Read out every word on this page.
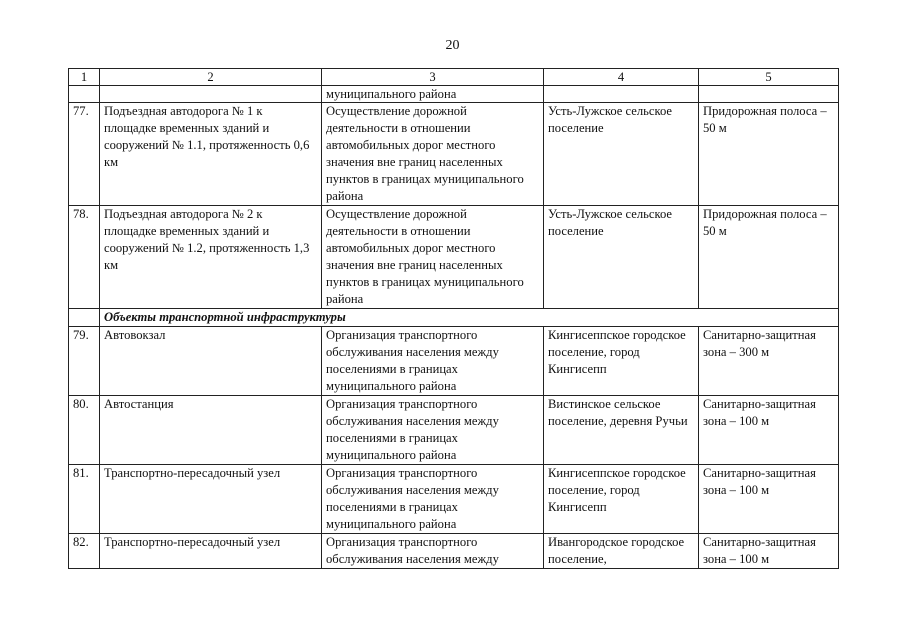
20
1	2	3	4	5
		муниципального района		
77.	Подъездная автодорога № 1 к площадке временных зданий и сооружений № 1.1, протяженность 0,6 км	Осуществление дорожной деятельности в отношении автомобильных дорог местного значения вне границ населенных пунктов в границах муниципального района	Усть-Лужское сельское поселение	Придорожная полоса – 50 м
78.	Подъездная автодорога № 2 к площадке временных зданий и сооружений № 1.2, протяженность 1,3 км	Осуществление дорожной деятельности в отношении автомобильных дорог местного значения вне границ населенных пунктов в границах муниципального района	Усть-Лужское сельское поселение	Придорожная полоса – 50 м
	Объекты транспортной инфраструктуры			
79.	Автовокзал	Организация транспортного обслуживания населения между поселениями в границах муниципального района	Кингисеппское городское поселение, город Кингисепп	Санитарно-защитная зона – 300 м
80.	Автостанция	Организация транспортного обслуживания населения между поселениями в границах муниципального района	Вистинское сельское поселение, деревня Ручьи	Санитарно-защитная зона – 100 м
81.	Транспортно-пересадочный узел	Организация транспортного обслуживания населения между поселениями в границах муниципального района	Кингисеппское городское поселение, город Кингисепп	Санитарно-защитная зона – 100 м
82.	Транспортно-пересадочный узел	Организация транспортного обслуживания населения между	Ивангородское городское поселение,	Санитарно-защитная зона – 100 м
